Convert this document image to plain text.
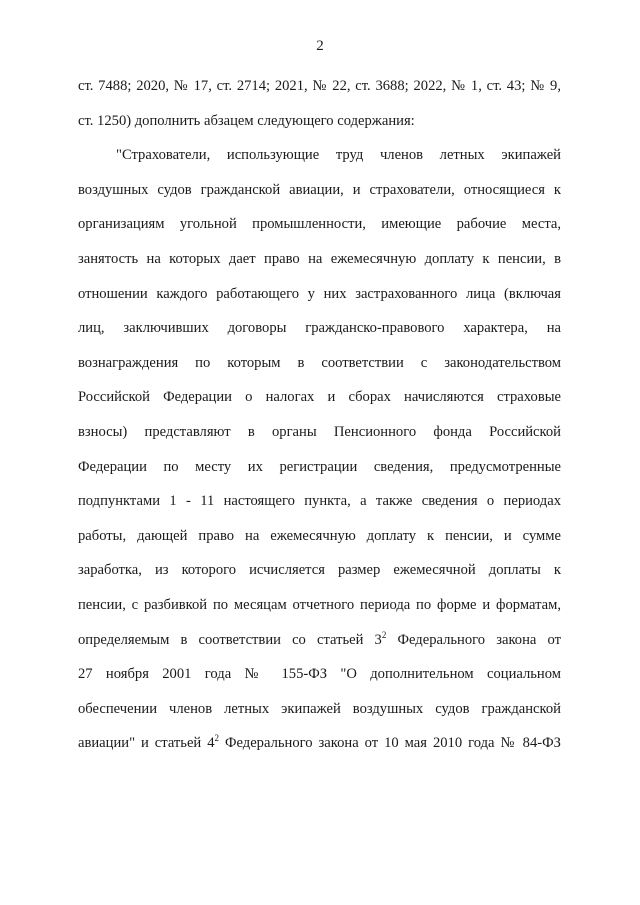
2
ст. 7488; 2020, № 17, ст. 2714; 2021, № 22, ст. 3688; 2022, № 1, ст. 43; № 9,
ст. 1250) дополнить абзацем следующего содержания:
"Страхователи, использующие труд членов летных экипажей
воздушных судов гражданской авиации, и страхователи, относящиеся к
организациям угольной промышленности, имеющие рабочие места,
занятость на которых дает право на ежемесячную доплату к пенсии, в
отношении каждого работающего у них застрахованного лица (включая
лиц, заключивших договоры гражданско-правового характера, на
вознаграждения по которым в соответствии с законодательством
Российской Федерации о налогах и сборах начисляются страховые
взносы) представляют в органы Пенсионного фонда Российской
Федерации по месту их регистрации сведения, предусмотренные
подпунктами 1 - 11 настоящего пункта, а также сведения о периодах
работы, дающей право на ежемесячную доплату к пенсии, и сумме
заработка, из которого исчисляется размер ежемесячной доплаты к
пенсии, с разбивкой по месяцам отчетного периода по форме и форматам,
определяемым в соответствии со статьей $3^2$ Федерального закона от
27 ноября 2001 года № 155-ФЗ "О дополнительном социальном
обеспечении членов летных экипажей воздушных судов гражданской
авиации" и статьей $4^2$ Федерального закона от 10 мая 2010 года № 84-ФЗ
